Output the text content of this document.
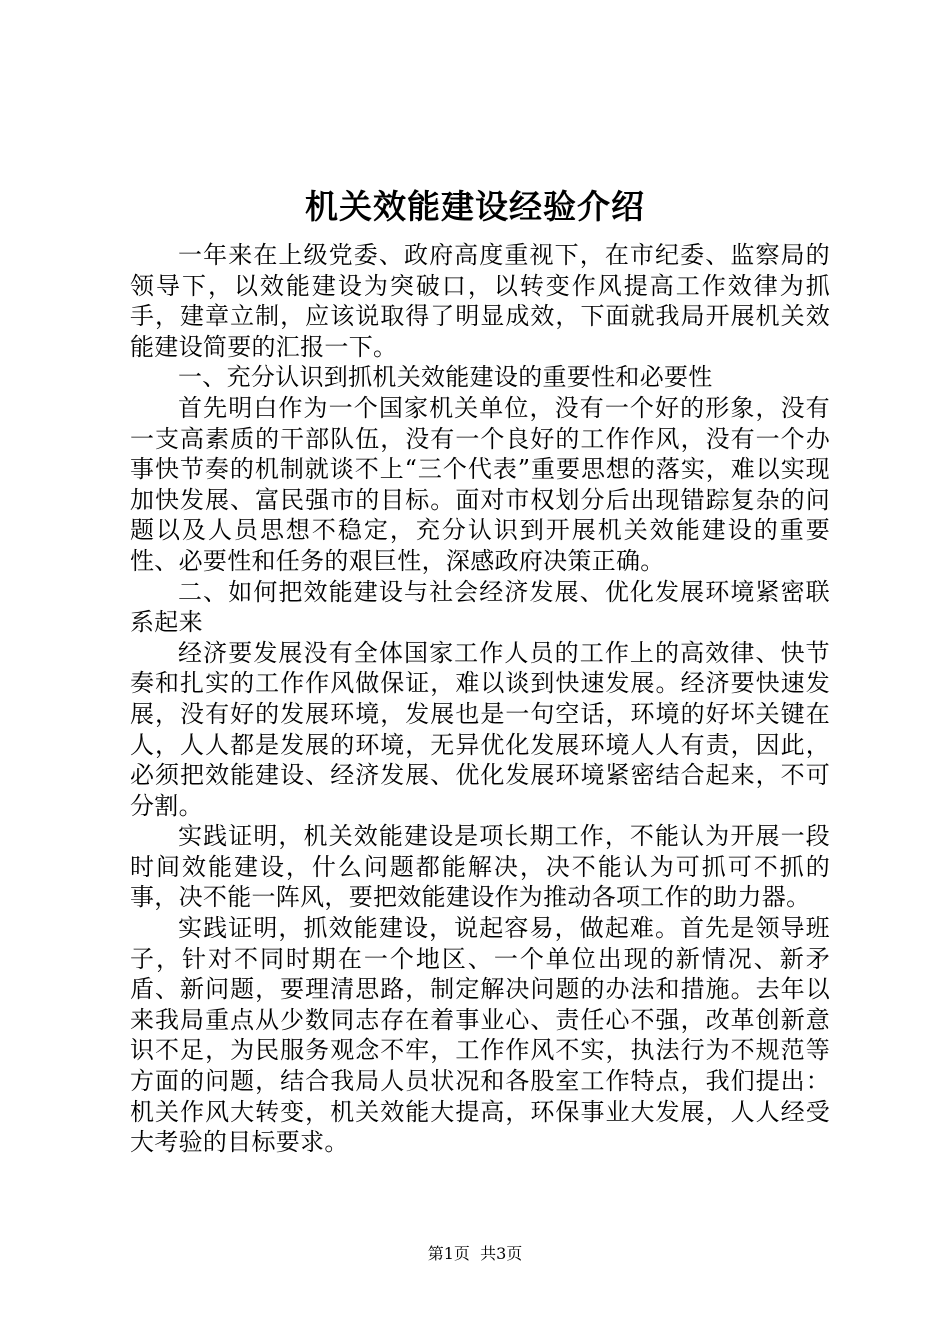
机关效能建设经验介绍

一年来在上级党委、政府高度重视下，在市纪委、监察局的领导下，以效能建设为突破口，以转变作风提高工作效律为抓手，建章立制，应该说取得了明显成效，下面就我局开展机关效能建设简要的汇报一下。

一、充分认识到抓机关效能建设的重要性和必要性

首先明白作为一个国家机关单位，没有一个好的形象，没有一支高素质的干部队伍，没有一个良好的工作作风，没有一个办事快节奏的机制就谈不上“三个代表”重要思想的落实，难以实现加快发展、富民强市的目标。面对市权划分后出现错踪复杂的问题以及人员思想不稳定，充分认识到开展机关效能建设的重要性、必要性和任务的艰巨性，深感政府决策正确。

二、如何把效能建设与社会经济发展、优化发展环境紧密联系起来

经济要发展没有全体国家工作人员的工作上的高效律、快节奏和扎实的工作作风做保证，难以谈到快速发展。经济要快速发展，没有好的发展环境，发展也是一句空话，环境的好坏关键在人，人人都是发展的环境，无异优化发展环境人人有责，因此，必须把效能建设、经济发展、优化发展环境紧密结合起来，不可分割。

实践证明，机关效能建设是项长期工作，不能认为开展一段时间效能建设，什么问题都能解决，决不能认为可抓可不抓的事，决不能一阵风，要把效能建设作为推动各项工作的助力器。

实践证明，抓效能建设，说起容易，做起难。首先是领导班子，针对不同时期在一个地区、一个单位出现的新情况、新矛盾、新问题，要理清思路，制定解决问题的办法和措施。去年以来我局重点从少数同志存在着事业心、责任心不强，改革创新意识不足，为民服务观念不牢，工作作风不实，执法行为不规范等方面的问题，结合我局人员状况和各股室工作特点，我们提出：机关作风大转变，机关效能大提高，环保事业大发展，人人经受大考验的目标要求。

第1页  共3页
